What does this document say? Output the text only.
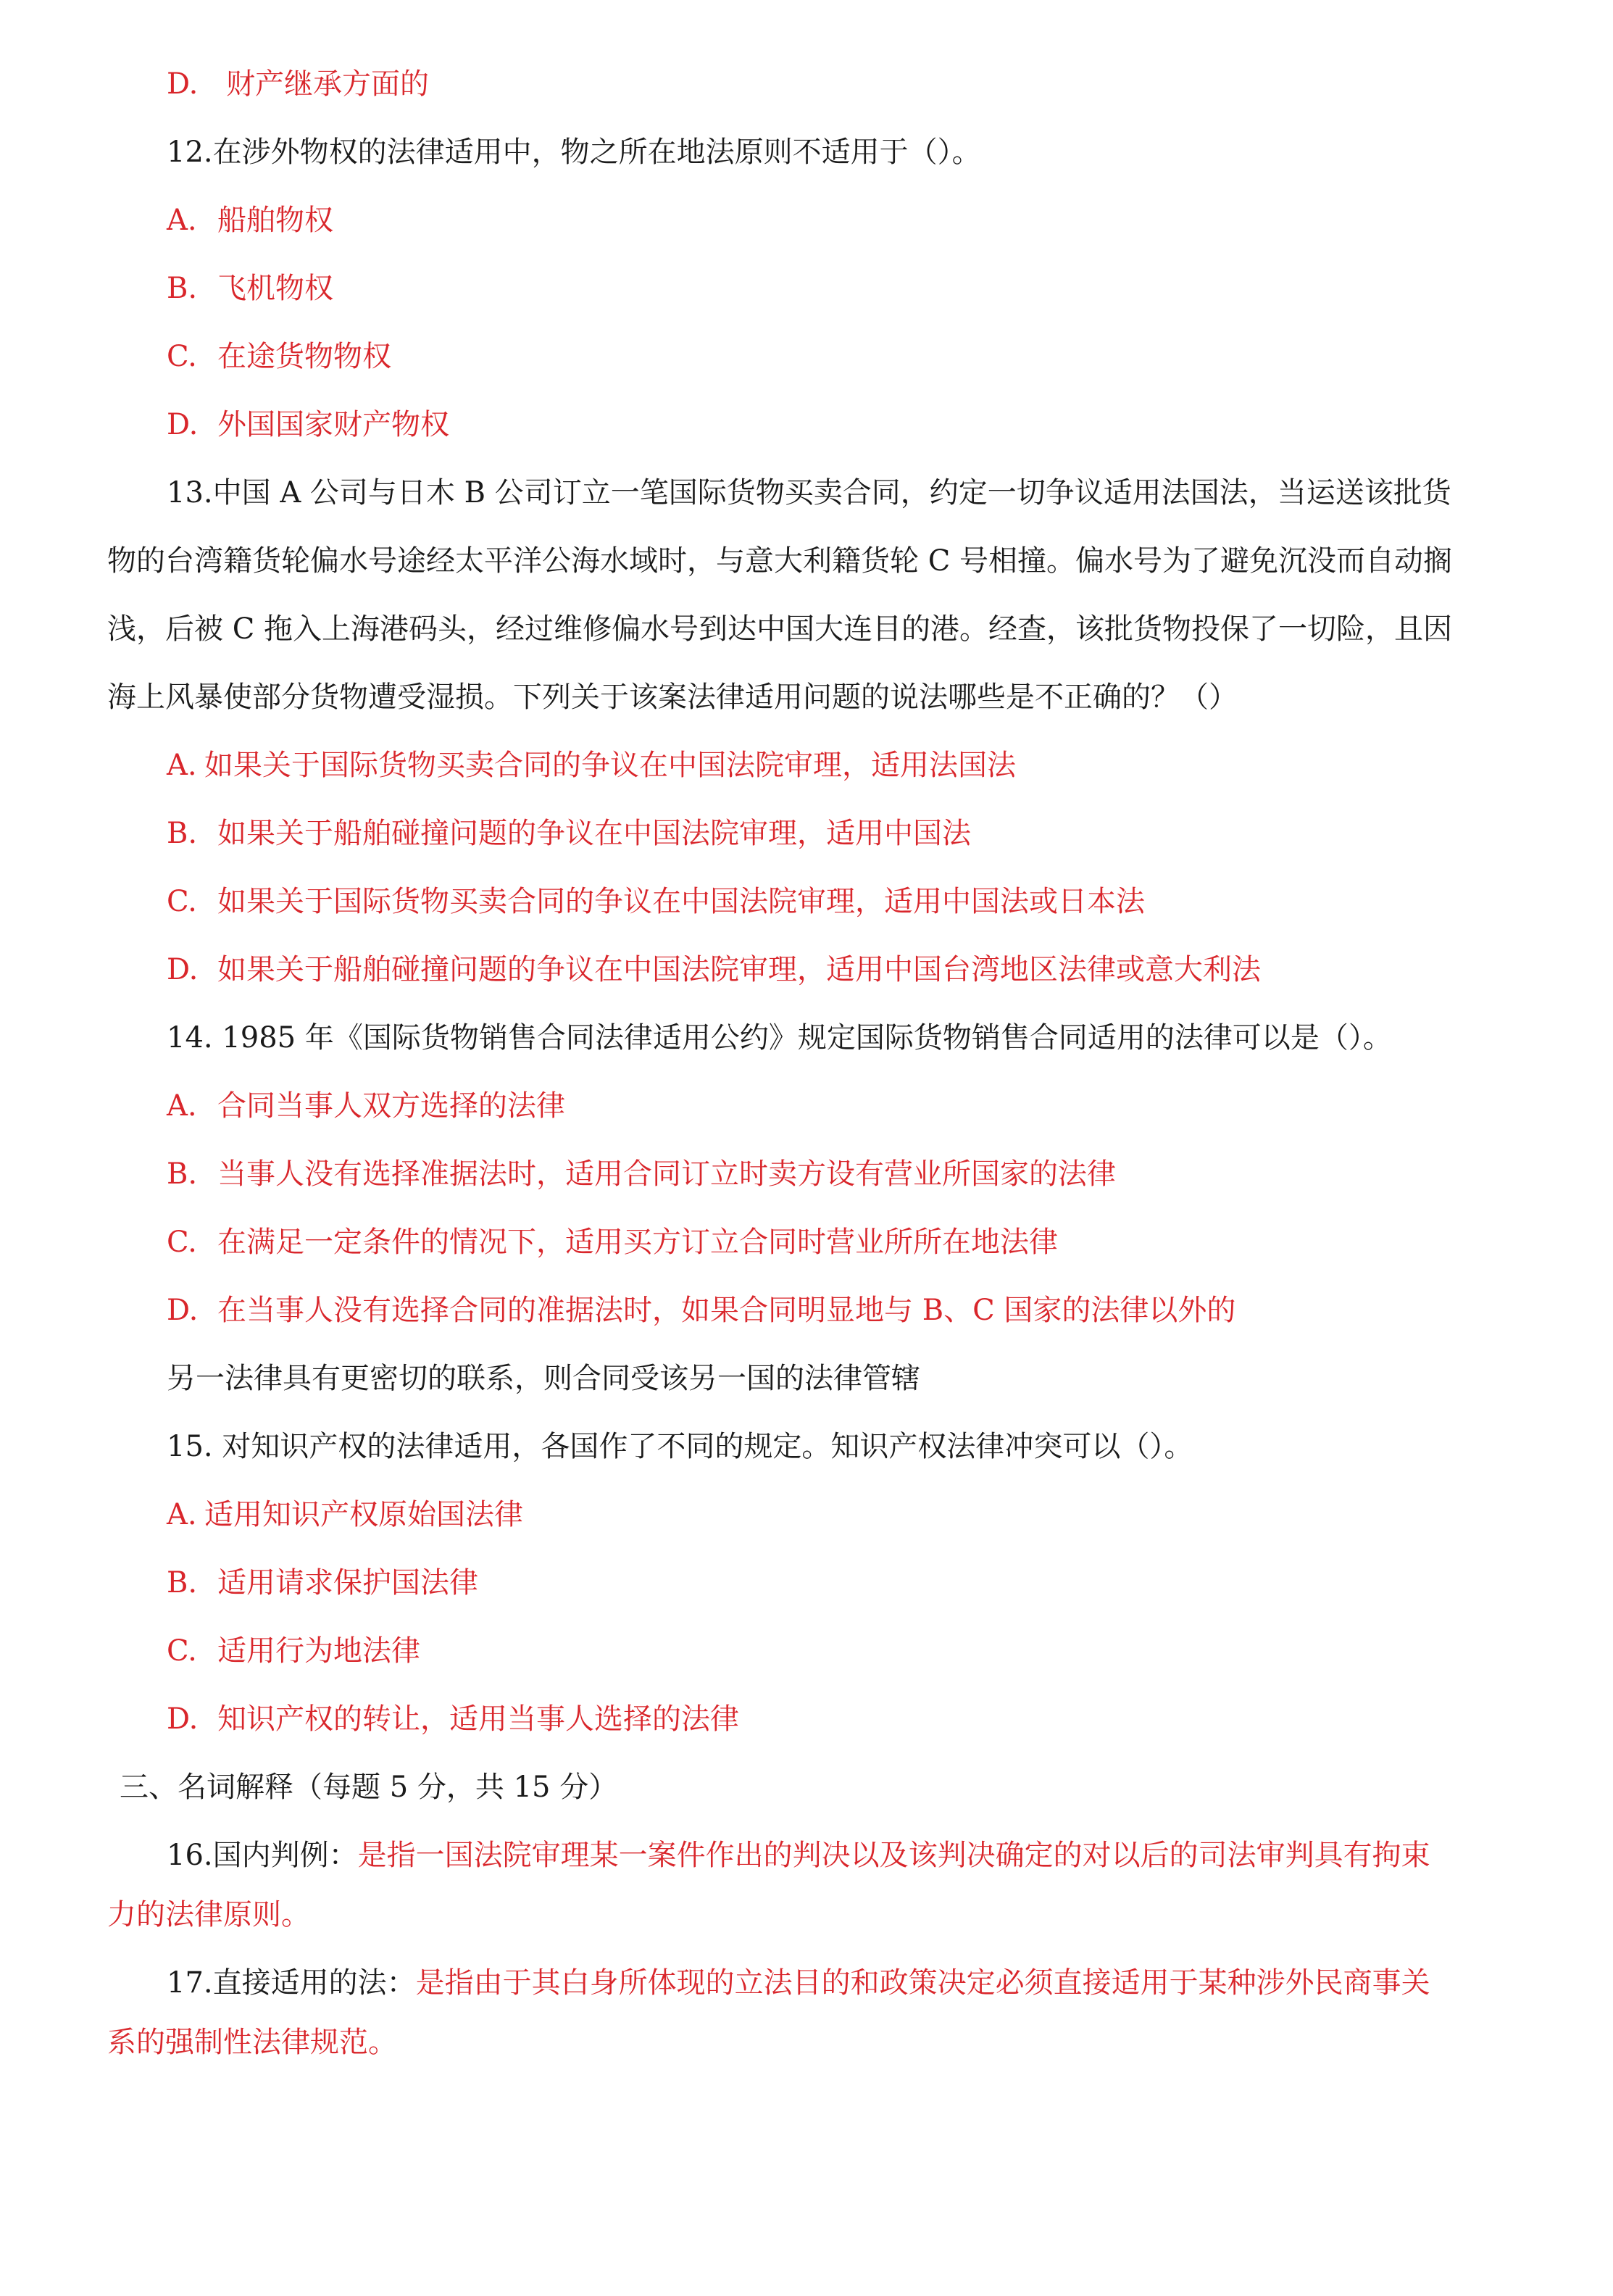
D. 财产继承方面的
12.在涉外物权的法律适用中，物之所在地法原则不适用于（）。
A. 船舶物权
B. 飞机物权
C. 在途货物物权
D. 外国国家财产物权
13.中国 A 公司与日木 B 公司订立一笔国际货物买卖合同，约定一切争议适用法国法，当运送该批货
物的台湾籍货轮偏水号途经太平洋公海水域时，与意大利籍货轮 C 号相撞。偏水号为了避免沉没而自动搁
浅，后被 C 拖入上海港码头，经过维修偏水号到达中国大连目的港。经查，该批货物投保了一切险，且因
海上风暴使部分货物遭受湿损。下列关于该案法律适用问题的说法哪些是不正确的？（）
A. 如果关于国际货物买卖合同的争议在中国法院审理，适用法国法
B. 如果关于船舶碰撞问题的争议在中国法院审理，适用中国法
C. 如果关于国际货物买卖合同的争议在中国法院审理，适用中国法或日本法
D. 如果关于船舶碰撞问题的争议在中国法院审理，适用中国台湾地区法律或意大利法
14. 1985 年《国际货物销售合同法律适用公约》规定国际货物销售合同适用的法律可以是（）。
A. 合同当事人双方选择的法律
B. 当事人没有选择准据法时，适用合同订立时卖方设有营业所国家的法律
C. 在满足一定条件的情况下，适用买方订立合同时营业所所在地法律
D. 在当事人没有选择合同的准据法时，如果合同明显地与 B、C 国家的法律以外的
另一法律具有更密切的联系，则合同受该另一国的法律管辖
15. 对知识产权的法律适用，各国作了不同的规定。知识产权法律冲突可以（）。
A. 适用知识产权原始国法律
B. 适用请求保护国法律
C. 适用行为地法律
D. 知识产权的转让，适用当事人选择的法律
三、名词解释（每题 5 分，共 15 分）
16.国内判例：是指一国法院审理某一案件作出的判决以及该判决确定的对以后的司法审判具有拘束
力的法律原则。
17.直接适用的法：是指由于其白身所体现的立法目的和政策决定必须直接适用于某种涉外民商事关
系的强制性法律规范。
